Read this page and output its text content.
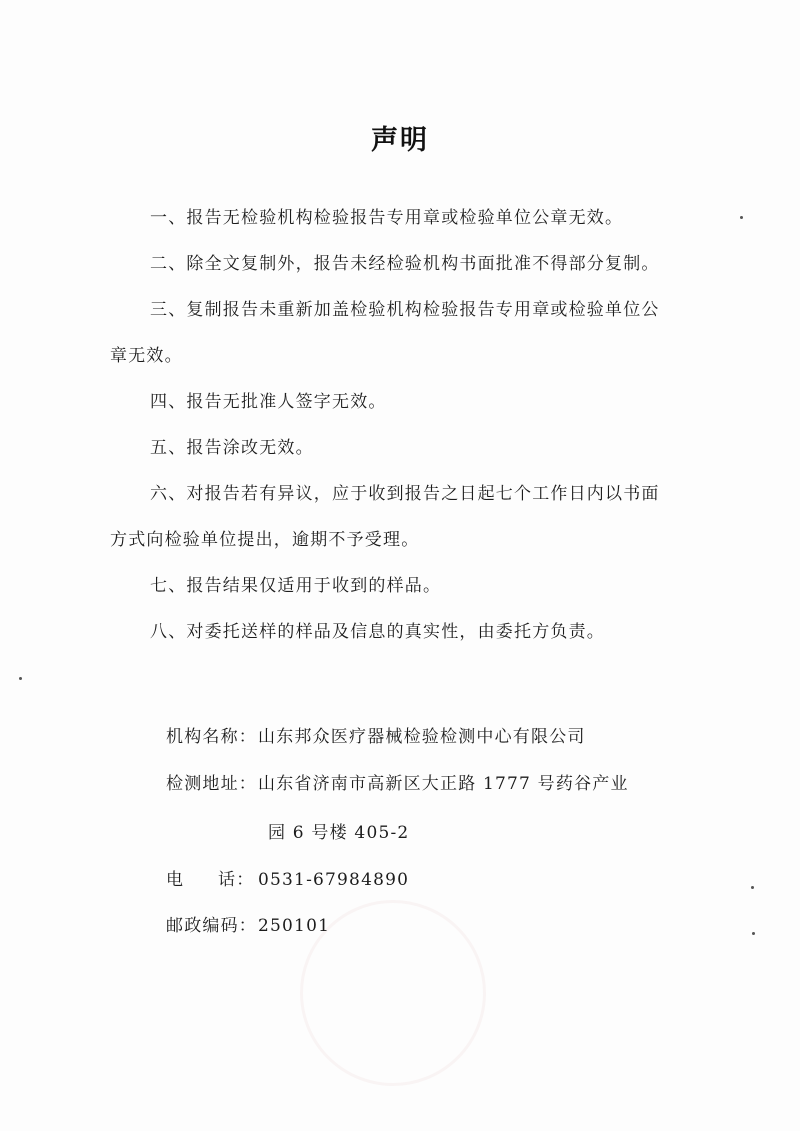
声明
一、报告无检验机构检验报告专用章或检验单位公章无效。
二、除全文复制外，报告未经检验机构书面批准不得部分复制。
三、复制报告未重新加盖检验机构检验报告专用章或检验单位公章无效。
四、报告无批准人签字无效。
五、报告涂改无效。
六、对报告若有异议，应于收到报告之日起七个工作日内以书面方式向检验单位提出，逾期不予受理。
七、报告结果仅适用于收到的样品。
八、对委托送样的样品及信息的真实性，由委托方负责。
机构名称：山东邦众医疗器械检验检测中心有限公司
检测地址：山东省济南市高新区大正路 1777 号药谷产业
园 6 号楼 405-2
电 话： 0531-67984890
邮政编码：250101
